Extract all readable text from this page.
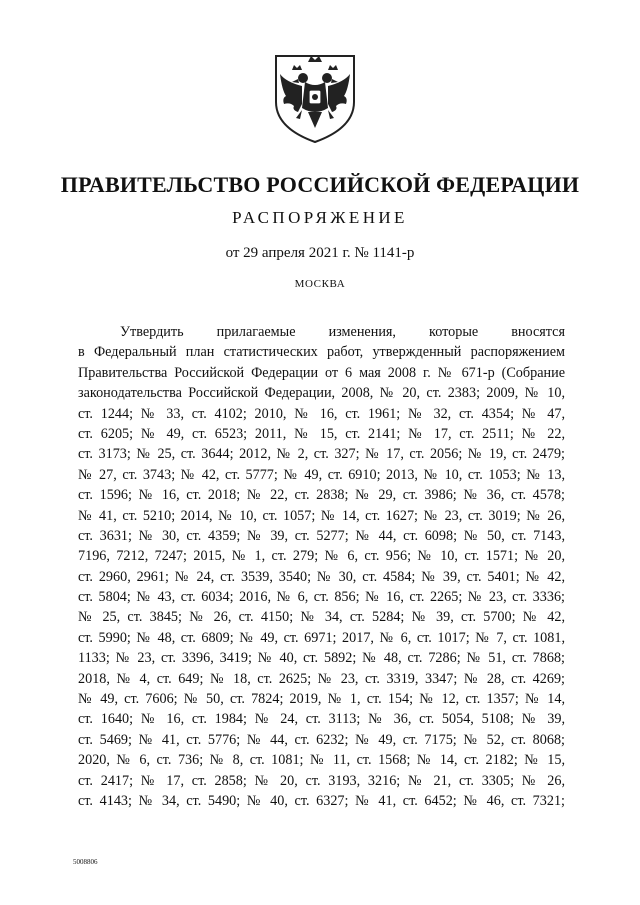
ПРАВИТЕЛЬСТВО РОССИЙСКОЙ ФЕДЕРАЦИИ
РАСПОРЯЖЕНИЕ
от 29 апреля 2021 г. № 1141-р
МОСКВА
Утвердить прилагаемые изменения, которые вносятся
в Федеральный план статистических работ, утвержденный распоряжением
Правительства Российской Федерации от 6 мая 2008 г. № 671-р (Собрание
законодательства Российской Федерации, 2008, № 20, ст. 2383; 2009, № 10,
ст. 1244; № 33, ст. 4102; 2010, № 16, ст. 1961; № 32, ст. 4354; № 47,
ст. 6205; № 49, ст. 6523; 2011, № 15, ст. 2141; № 17, ст. 2511; № 22,
ст. 3173; № 25, ст. 3644; 2012, № 2, ст. 327; № 17, ст. 2056; № 19, ст. 2479;
№ 27, ст. 3743; № 42, ст. 5777; № 49, ст. 6910; 2013, № 10, ст. 1053; № 13,
ст. 1596; № 16, ст. 2018; № 22, ст. 2838; № 29, ст. 3986; № 36, ст. 4578;
№ 41, ст. 5210; 2014, № 10, ст. 1057; № 14, ст. 1627; № 23, ст. 3019; № 26,
ст. 3631; № 30, ст. 4359; № 39, ст. 5277; № 44, ст. 6098; № 50, ст. 7143,
7196, 7212, 7247; 2015, № 1, ст. 279; № 6, ст. 956; № 10, ст. 1571; № 20,
ст. 2960, 2961; № 24, ст. 3539, 3540; № 30, ст. 4584; № 39, ст. 5401; № 42,
ст. 5804; № 43, ст. 6034; 2016, № 6, ст. 856; № 16, ст. 2265; № 23, ст. 3336;
№ 25, ст. 3845; № 26, ст. 4150; № 34, ст. 5284; № 39, ст. 5700; № 42,
ст. 5990; № 48, ст. 6809; № 49, ст. 6971; 2017, № 6, ст. 1017; № 7, ст. 1081,
1133; № 23, ст. 3396, 3419; № 40, ст. 5892; № 48, ст. 7286; № 51, ст. 7868;
2018, № 4, ст. 649; № 18, ст. 2625; № 23, ст. 3319, 3347; № 28, ст. 4269;
№ 49, ст. 7606; № 50, ст. 7824; 2019, № 1, ст. 154; № 12, ст. 1357; № 14,
ст. 1640; № 16, ст. 1984; № 24, ст. 3113; № 36, ст. 5054, 5108; № 39,
ст. 5469; № 41, ст. 5776; № 44, ст. 6232; № 49, ст. 7175; № 52, ст. 8068;
2020, № 6, ст. 736; № 8, ст. 1081; № 11, ст. 1568; № 14, ст. 2182; № 15,
ст. 2417; № 17, ст. 2858; № 20, ст. 3193, 3216; № 21, ст. 3305; № 26,
ст. 4143; № 34, ст. 5490; № 40, ст. 6327; № 41, ст. 6452; № 46, ст. 7321;
5008806
